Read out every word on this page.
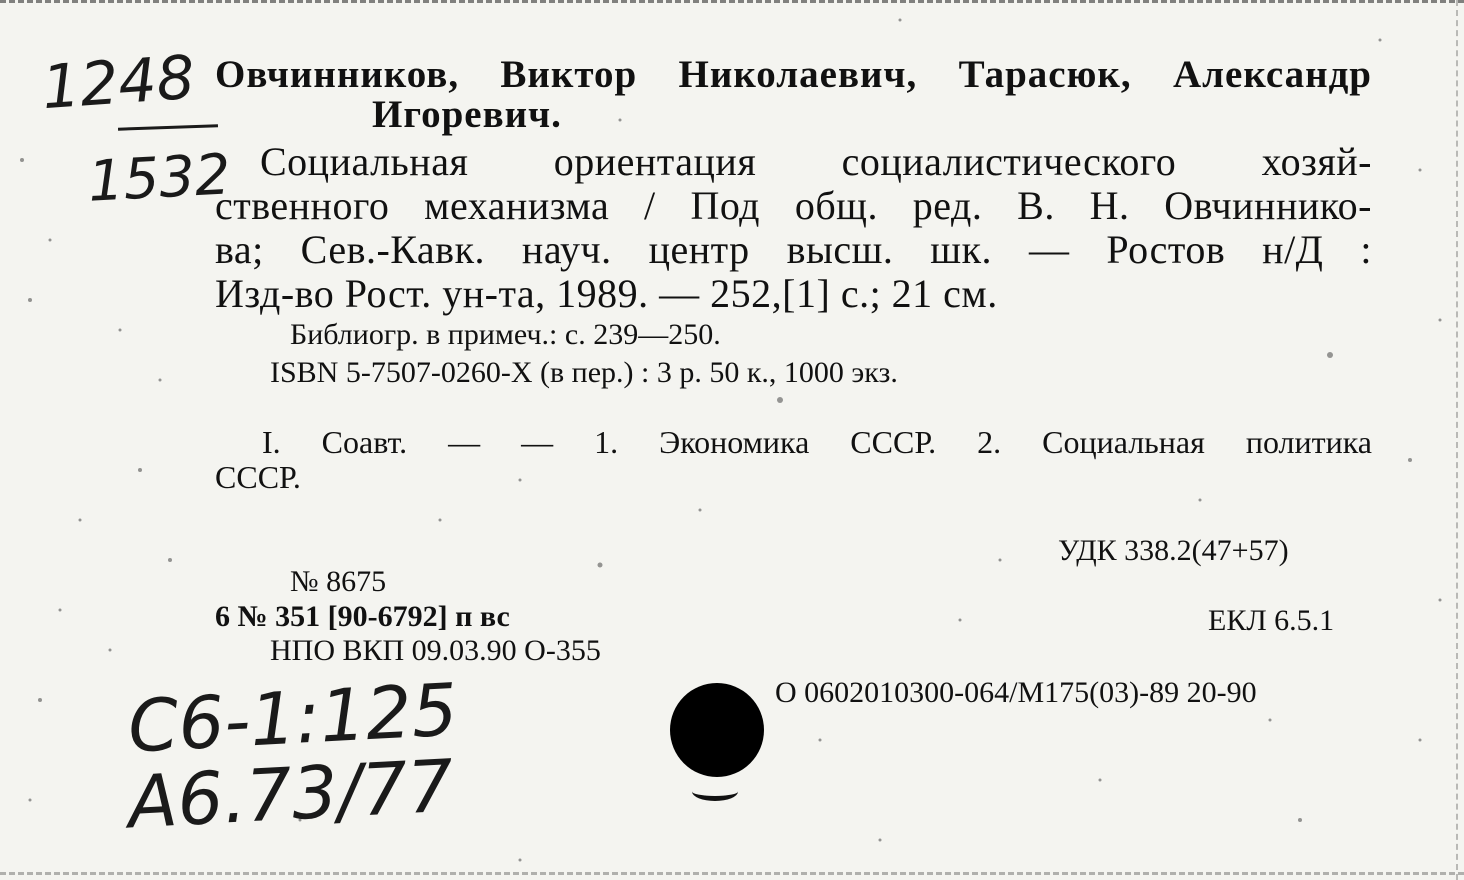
1248
1532
Овчинников, Виктор Николаевич, Тарасюк, Александр
Игоревич.
Социальная ориентация социалистического хозяй-
ственного механизма / Под общ. ред. В. Н. Овчиннико-
ва; Сев.-Кавк. науч. центр высш. шк. — Ростов н/Д :
Изд-во Рост. ун-та, 1989. — 252,[1] с.; 21 см.
Библиогр. в примеч.: с. 239—250.
ISBN 5-7507-0260-X (в пер.) : 3 р. 50 к., 1000 экз.
I. Соавт. — — 1. Экономика СССР. 2. Социальная политика
СССР.
УДК 338.2(47+57)
№ 8675
6 № 351 [90-6792] п вс	ЕКЛ 6.5.1
НПО ВКП 09.03.90 О-355
О 0602010300-064/М175(03)-89 20-90
C6-1:125
A6.73/77
